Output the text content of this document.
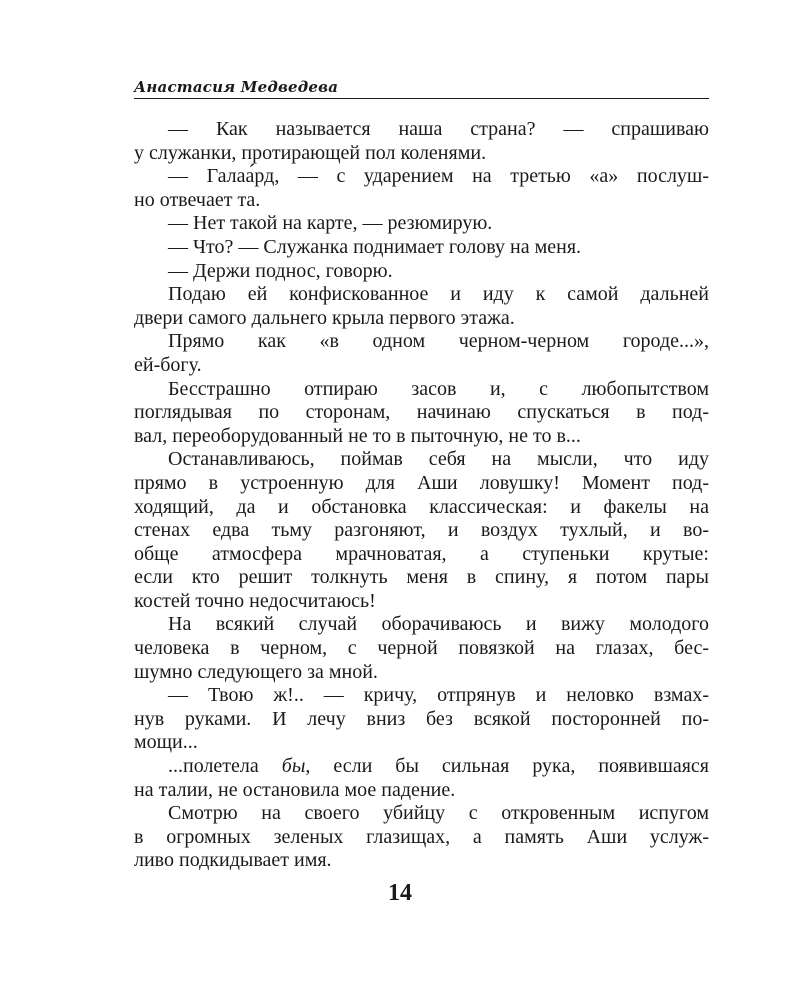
Анастасия Медведева
— Как называется наша страна? — спрашиваю
у служанки, протирающей пол коленями.
— Галаа́рд, — с ударением на третью «а» послуш-
но отвечает та.
— Нет такой на карте, — резюмирую.
— Что? — Служанка поднимает голову на меня.
— Держи поднос, говорю.
Подаю ей конфискованное и иду к самой дальней
двери самого дальнего крыла первого этажа.
Прямо как «в одном черном-черном городе...»,
ей-богу.
Бесстрашно отпираю засов и, с любопытством
поглядывая по сторонам, начинаю спускаться в под-
вал, переоборудованный не то в пыточную, не то в...
Останавливаюсь, поймав себя на мысли, что иду
прямо в устроенную для Аши ловушку! Момент под-
ходящий, да и обстановка классическая: и факелы на
стенах едва тьму разгоняют, и воздух тухлый, и во-
обще атмосфера мрачноватая, а ступеньки крутые:
если кто решит толкнуть меня в спину, я потом пары
костей точно недосчитаюсь!
На всякий случай оборачиваюсь и вижу молодого
человека в черном, с черной повязкой на глазах, бес-
шумно следующего за мной.
— Твою ж!.. — кричу, отпрянув и неловко взмах-
нув руками. И лечу вниз без всякой посторонней по-
мощи...
...полетела бы, если бы сильная рука, появившаяся
на талии, не остановила мое падение.
Смотрю на своего убийцу с откровенным испугом
в огромных зеленых глазищах, а память Аши услуж-
ливо подкидывает имя.
14
